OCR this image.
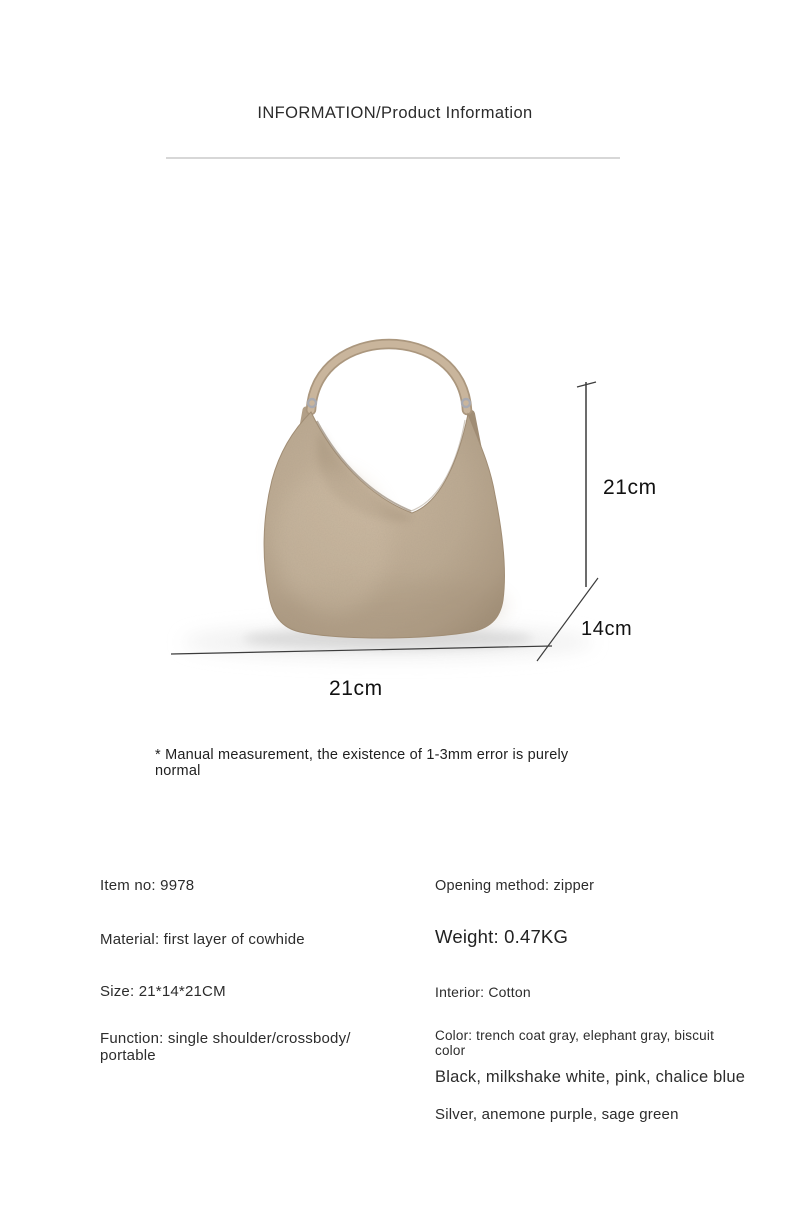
INFORMATION/Product Information
21cm
14cm
21cm
* Manual measurement, the existence of 1-3mm error is purely
normal
Item no: 9978
Material: first layer of cowhide
Size: 21*14*21CM
Function: single shoulder/crossbody/
portable
Opening method: zipper
Weight: 0.47KG
Interior: Cotton
Color: trench coat gray, elephant gray, biscuit
color
Black, milkshake white, pink, chalice blue
Silver, anemone purple, sage green
